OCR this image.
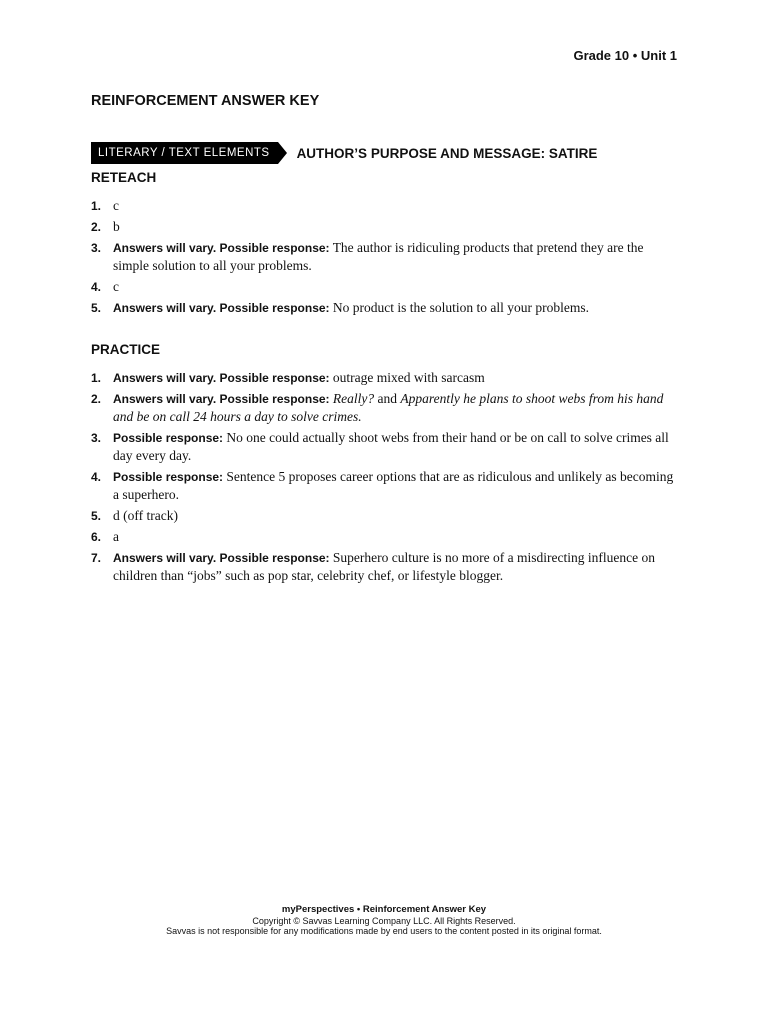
Grade 10 • Unit 1
REINFORCEMENT ANSWER KEY
LITERARY / TEXT ELEMENTS	AUTHOR’S PURPOSE AND MESSAGE: SATIRE
RETEACH
1. c
2. b
3. Answers will vary. Possible response: The author is ridiculing products that pretend they are the simple solution to all your problems.
4. c
5. Answers will vary. Possible response: No product is the solution to all your problems.
PRACTICE
1. Answers will vary. Possible response: outrage mixed with sarcasm
2. Answers will vary. Possible response: Really? and Apparently he plans to shoot webs from his hand and be on call 24 hours a day to solve crimes.
3. Possible response: No one could actually shoot webs from their hand or be on call to solve crimes all day every day.
4. Possible response: Sentence 5 proposes career options that are as ridiculous and unlikely as becoming a superhero.
5. d (off track)
6. a
7. Answers will vary. Possible response: Superhero culture is no more of a misdirecting influence on children than “jobs” such as pop star, celebrity chef, or lifestyle blogger.
myPerspectives • Reinforcement Answer Key
Copyright © Savvas Learning Company LLC. All Rights Reserved.
Savvas is not responsible for any modifications made by end users to the content posted in its original format.
